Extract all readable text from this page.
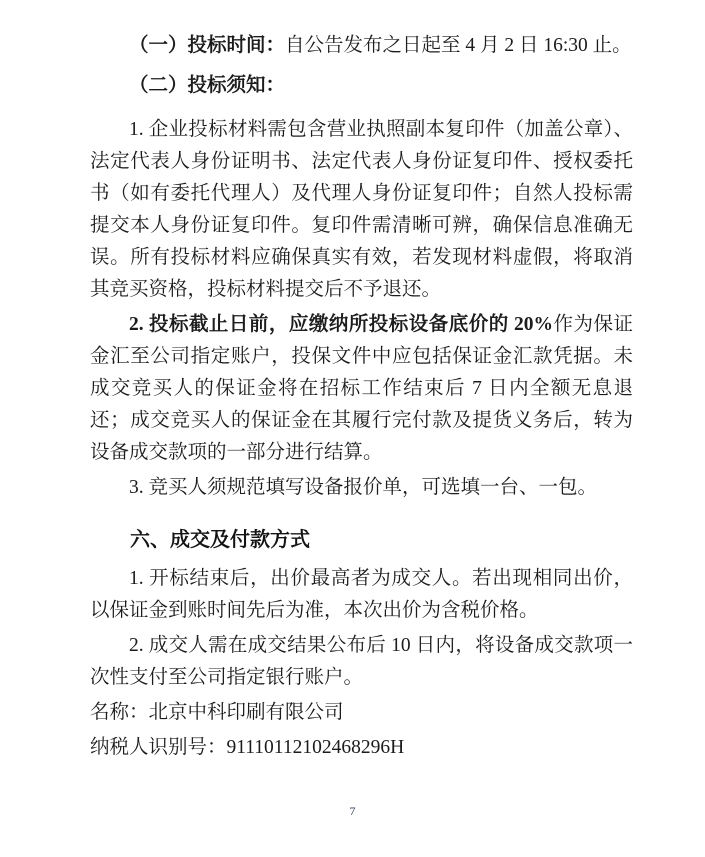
（一）投标时间：自公告发布之日起至 4 月 2 日 16:30 止。

（二）投标须知：

1. 企业投标材料需包含营业执照副本复印件（加盖公章）、法定代表人身份证明书、法定代表人身份证复印件、授权委托书（如有委托代理人）及代理人身份证复印件；自然人投标需提交本人身份证复印件。复印件需清晰可辨，确保信息准确无误。所有投标材料应确保真实有效，若发现材料虚假，将取消其竞买资格，投标材料提交后不予退还。

2. 投标截止日前，应缴纳所投标设备底价的 20%作为保证金汇至公司指定账户，投保文件中应包括保证金汇款凭据。未成交竞买人的保证金将在招标工作结束后 7 日内全额无息退还；成交竞买人的保证金在其履行完付款及提货义务后，转为设备成交款项的一部分进行结算。

3. 竞买人须规范填写设备报价单，可选填一台、一包。

六、成交及付款方式

1. 开标结束后，出价最高者为成交人。若出现相同出价，以保证金到账时间先后为准，本次出价为含税价格。

2. 成交人需在成交结果公布后 10 日内，将设备成交款项一次性支付至公司指定银行账户。

名称：北京中科印刷有限公司

纳税人识别号：91110112102468296H

7
